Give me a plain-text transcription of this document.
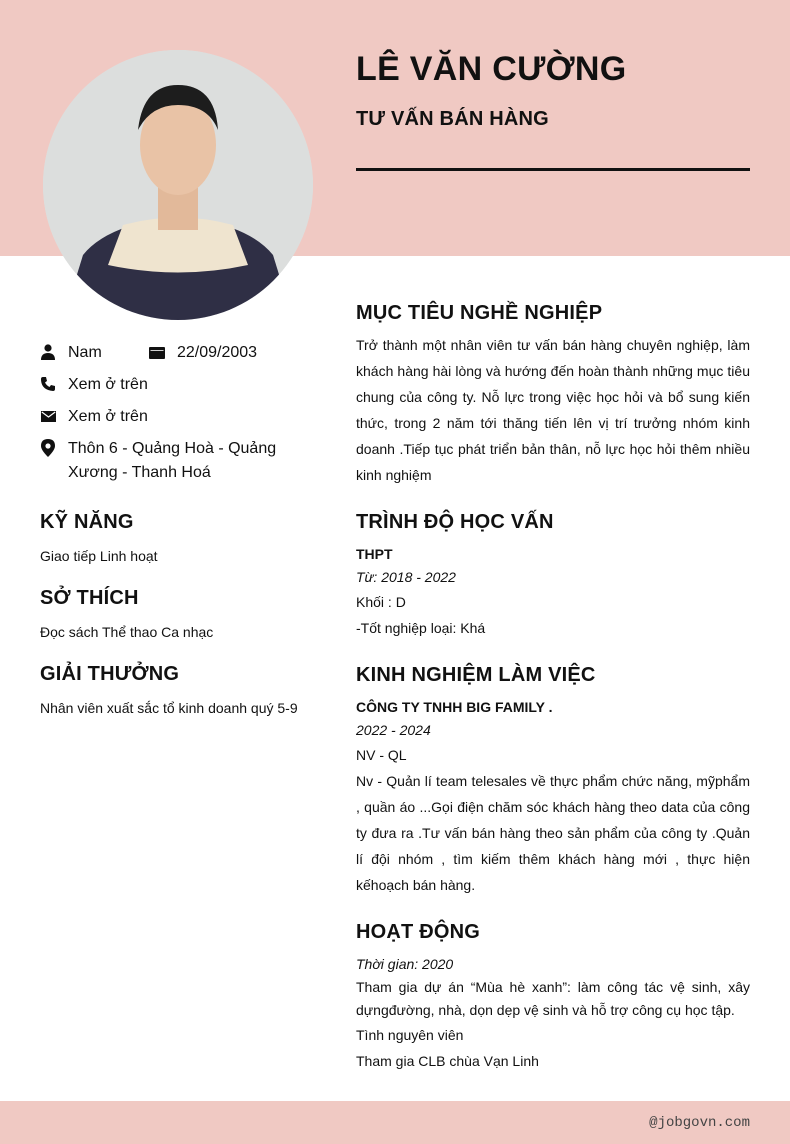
LÊ VĂN CƯỜNG
TƯ VẤN BÁN HÀNG
Nam	22/09/2003
Xem ở trên
Xem ở trên
Thôn 6 - Quảng Hoà - Quảng
Xương - Thanh Hoá
KỸ NĂNG
Giao tiếp Linh hoạt
SỞ THÍCH
Đọc sách Thể thao Ca nhạc
GIẢI THƯỞNG
Nhân viên xuất sắc tổ kinh doanh quý 5-9
MỤC TIÊU NGHỀ NGHIỆP
Trở thành một nhân viên tư vấn bán hàng chuyên nghiệp, làm khách hàng hài lòng và hướng đến hoàn thành những mục tiêu chung của công ty. Nỗ lực trong việc học hỏi và bổ sung kiến thức, trong 2 năm tới thăng tiến lên vị trí trưởng nhóm kinh doanh .Tiếp tục phát triển bản thân, nỗ lực học hỏi thêm nhiều kinh nghiệm
TRÌNH ĐỘ HỌC VẤN
THPT
Từ: 2018 - 2022
Khối : D
-Tốt nghiệp loại: Khá
KINH NGHIỆM LÀM VIỆC
CÔNG TY TNHH BIG FAMILY .
2022 - 2024
NV - QL
Nv - Quản lí team telesales về thực phẩm chức năng, mỹphẩm , quần áo ...Gọi điện chăm sóc khách hàng theo data của công ty đưa ra .Tư vấn bán hàng theo sản phẩm của công ty .Quản lí đội nhóm , tìm kiếm thêm khách hàng mới , thực hiện kếhoạch bán hàng.
HOẠT ĐỘNG
Thời gian: 2020
Tham gia dự án “Mùa hè xanh”: làm công tác vệ sinh, xây dựngđường, nhà, dọn dẹp vệ sinh và hỗ trợ công cụ học tập.
Tình nguyên viên
Tham gia CLB chùa Vạn Linh
@jobgovn.com
